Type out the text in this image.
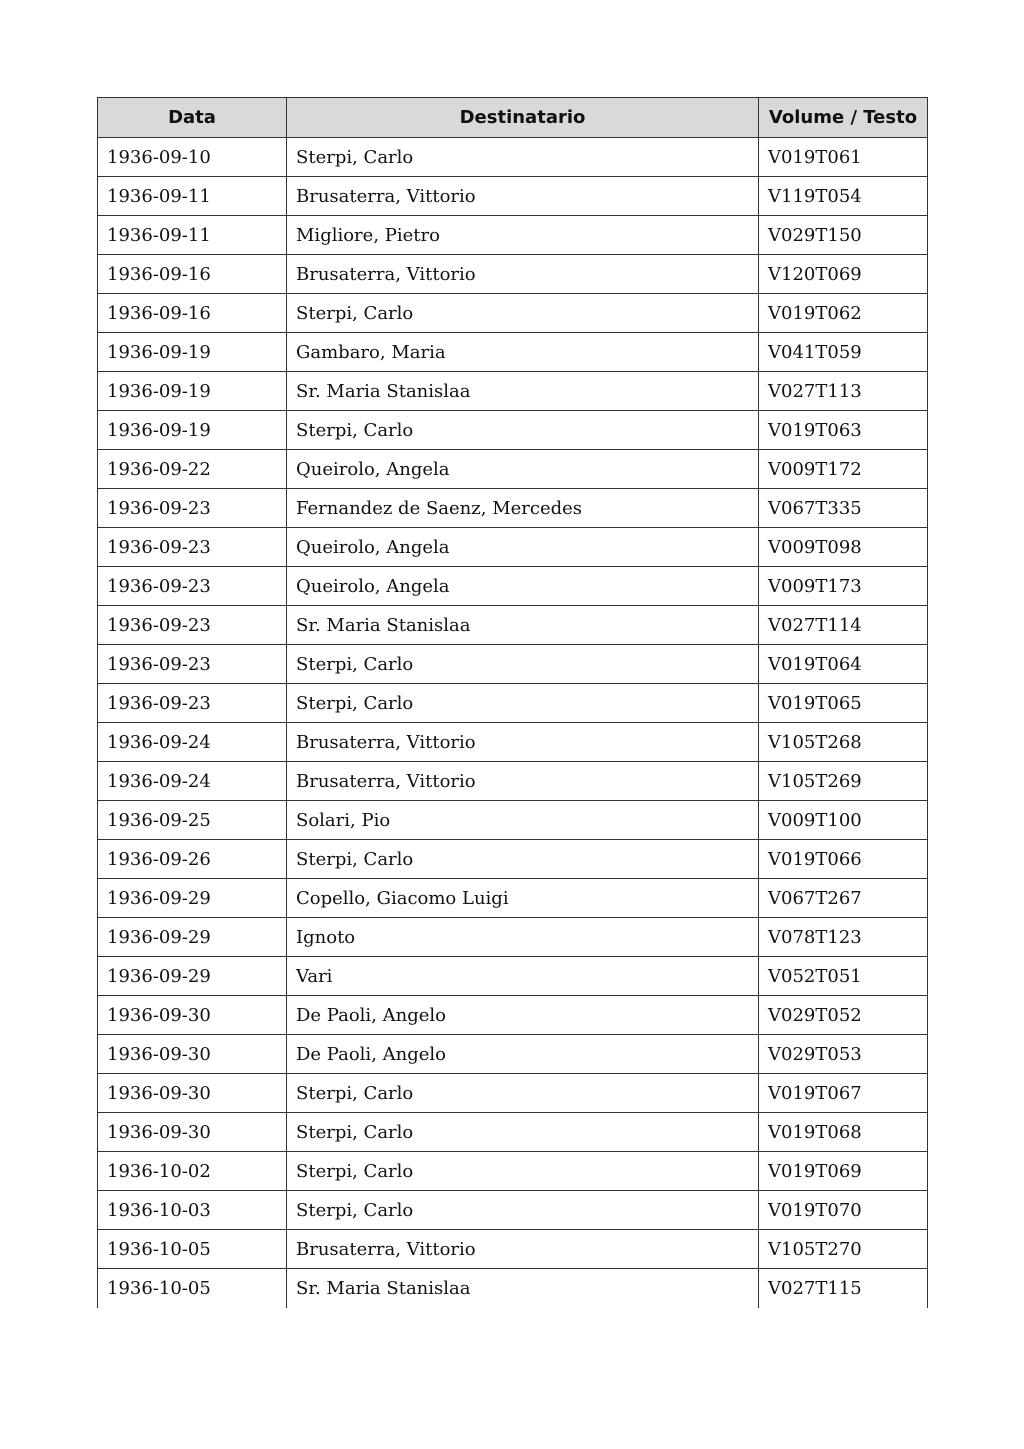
Data	Destinatario	Volume / Testo
1936-09-10	Sterpi, Carlo	V019T061
1936-09-11	Brusaterra, Vittorio	V119T054
1936-09-11	Migliore, Pietro	V029T150
1936-09-16	Brusaterra, Vittorio	V120T069
1936-09-16	Sterpi, Carlo	V019T062
1936-09-19	Gambaro, Maria	V041T059
1936-09-19	Sr. Maria Stanislaa	V027T113
1936-09-19	Sterpi, Carlo	V019T063
1936-09-22	Queirolo, Angela	V009T172
1936-09-23	Fernandez de Saenz, Mercedes	V067T335
1936-09-23	Queirolo, Angela	V009T098
1936-09-23	Queirolo, Angela	V009T173
1936-09-23	Sr. Maria Stanislaa	V027T114
1936-09-23	Sterpi, Carlo	V019T064
1936-09-23	Sterpi, Carlo	V019T065
1936-09-24	Brusaterra, Vittorio	V105T268
1936-09-24	Brusaterra, Vittorio	V105T269
1936-09-25	Solari, Pio	V009T100
1936-09-26	Sterpi, Carlo	V019T066
1936-09-29	Copello, Giacomo Luigi	V067T267
1936-09-29	Ignoto	V078T123
1936-09-29	Vari	V052T051
1936-09-30	De Paoli, Angelo	V029T052
1936-09-30	De Paoli, Angelo	V029T053
1936-09-30	Sterpi, Carlo	V019T067
1936-09-30	Sterpi, Carlo	V019T068
1936-10-02	Sterpi, Carlo	V019T069
1936-10-03	Sterpi, Carlo	V019T070
1936-10-05	Brusaterra, Vittorio	V105T270
1936-10-05	Sr. Maria Stanislaa	V027T115
